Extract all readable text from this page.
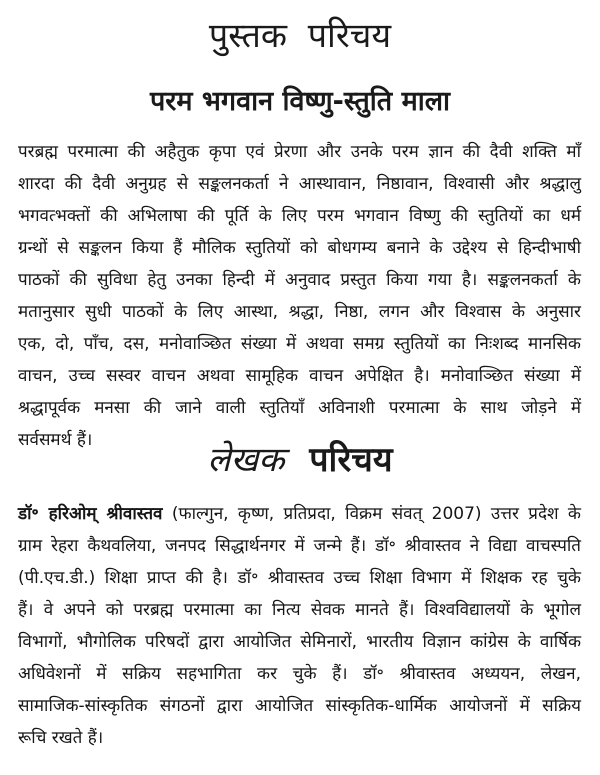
पुस्तक परिचय
परम भगवान विष्णु-स्तुति माला
परब्रह्म परमात्मा की अहैतुक कृपा एवं प्रेरणा और उनके परम ज्ञान की दैवी शक्ति माँ
शारदा की दैवी अनुग्रह से सङ्कलनकर्ता ने आस्थावान, निष्ठावान, विश्वासी और श्रद्धालु
भगवत्भक्तों की अभिलाषा की पूर्ति के लिए परम भगवान विष्णु की स्तुतियों का धर्म
ग्रन्थों से सङ्कलन किया हैं मौलिक स्तुतियों को बोधगम्य बनाने के उद्देश्य से हिन्दीभाषी
पाठकों की सुविधा हेतु उनका हिन्दी में अनुवाद प्रस्तुत किया गया है। सङ्कलनकर्ता के
मतानुसार सुधी पाठकों के लिए आस्था, श्रद्धा, निष्ठा, लगन और विश्वास के अनुसार
एक, दो, पाँच, दस, मनोवाञ्छित संख्या में अथवा समग्र स्तुतियों का निःशब्द मानसिक
वाचन, उच्च सस्वर वाचन अथवा सामूहिक वाचन अपेक्षित है। मनोवाञ्छित संख्या में
श्रद्धापूर्वक मनसा की जाने वाली स्तुतियाँ अविनाशी परमात्मा के साथ जोड़ने में
सर्वसमर्थ हैं।	लेखक परिचय
डॉ॰ हरिओम् श्रीवास्तव (फाल्गुन, कृष्ण, प्रतिप्रदा, विक्रम संवत् 2007) उत्तर प्रदेश के
ग्राम रेहरा कैथवलिया, जनपद सिद्धार्थनगर में जन्मे हैं। डॉ॰ श्रीवास्तव ने विद्या वाचस्पति
(पी.एच.डी.) शिक्षा प्राप्त की है। डॉ॰ श्रीवास्तव उच्च शिक्षा विभाग में शिक्षक रह चुके
हैं। वे अपने को परब्रह्म परमात्मा का नित्य सेवक मानते हैं। विश्वविद्यालयों के भूगोल
विभागों, भौगोलिक परिषदों द्वारा आयोजित सेमिनारों, भारतीय विज्ञान कांग्रेस के वार्षिक
अधिवेशनों में सक्रिय सहभागिता कर चुके हैं। डॉ॰ श्रीवास्तव अध्ययन, लेखन,
सामाजिक-सांस्कृतिक संगठनों द्वारा आयोजित सांस्कृतिक-धार्मिक आयोजनों में सक्रिय
रूचि रखते हैं।
